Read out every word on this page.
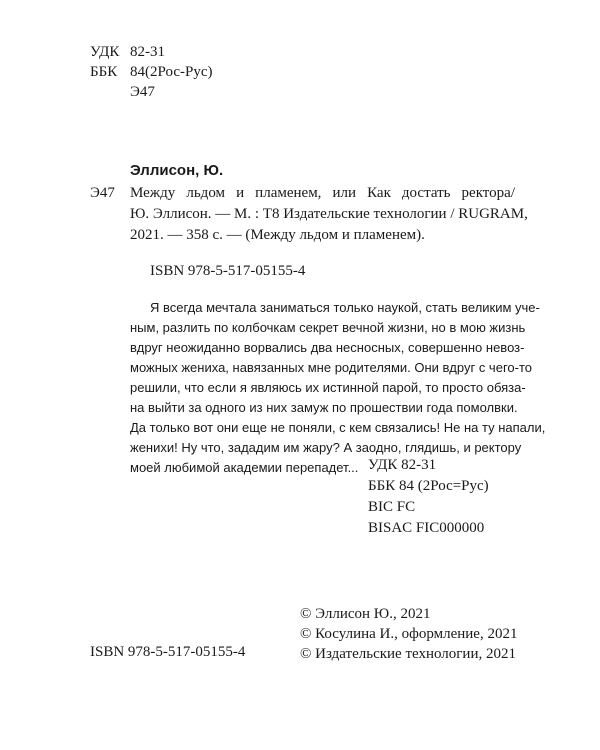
УДК 82-31
ББК 84(2Рос-Рус)
Э47
Эллисон, Ю.
Э47 Между льдом и пламенем, или Как достать ректора/
Ю. Эллисон. — М. : Т8 Издательские технологии / RUGRAM,
2021. — 358 с. — (Между льдом и пламенем).
ISBN 978-5-517-05155-4
Я всегда мечтала заниматься только наукой, стать великим уче-
ным, разлить по колбочкам секрет вечной жизни, но в мою жизнь
вдруг неожиданно ворвались два несносных, совершенно невоз-
можных жениха, навязанных мне родителями. Они вдруг с чего-то
решили, что если я являюсь их истинной парой, то просто обяза-
на выйти за одного из них замуж по прошествии года помолвки.
Да только вот они еще не поняли, с кем связались! Не на ту напали,
женихи! Ну что, зададим им жару? А заодно, глядишь, и ректору
моей любимой академии перепадет... УДК 82-31
ББК 84 (2Рос=Рус)
BIC FC
BISAC FIC000000
ISBN 978-5-517-05155-4
© Эллисон Ю., 2021
© Косулина И., оформление, 2021
© Издательские технологии, 2021
